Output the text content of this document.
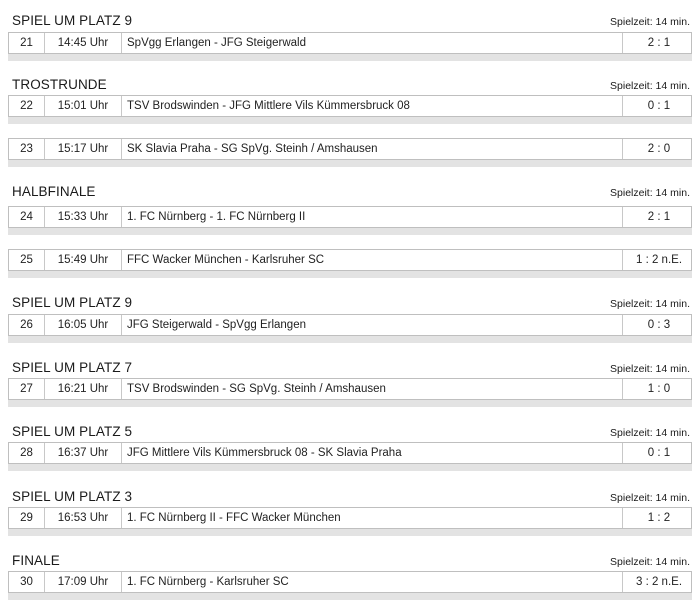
SPIEL UM PLATZ 9	Spielzeit: 14 min.
21	14:45 Uhr	SpVgg Erlangen - JFG Steigerwald	2 : 1
TROSTRUNDE	Spielzeit: 14 min.
22	15:01 Uhr	TSV Brodswinden - JFG Mittlere Vils Kümmersbruck 08	0 : 1
23	15:17 Uhr	SK Slavia Praha - SG SpVg. Steinh / Amshausen	2 : 0
HALBFINALE	Spielzeit: 14 min.
24	15:33 Uhr	1. FC Nürnberg - 1. FC Nürnberg II	2 : 1
25	15:49 Uhr	FFC Wacker München - Karlsruher SC	1 : 2 n.E.
SPIEL UM PLATZ 9	Spielzeit: 14 min.
26	16:05 Uhr	JFG Steigerwald - SpVgg Erlangen	0 : 3
SPIEL UM PLATZ 7	Spielzeit: 14 min.
27	16:21 Uhr	TSV Brodswinden - SG SpVg. Steinh / Amshausen	1 : 0
SPIEL UM PLATZ 5	Spielzeit: 14 min.
28	16:37 Uhr	JFG Mittlere Vils Kümmersbruck 08 - SK Slavia Praha	0 : 1
SPIEL UM PLATZ 3	Spielzeit: 14 min.
29	16:53 Uhr	1. FC Nürnberg II - FFC Wacker München	1 : 2
FINALE	Spielzeit: 14 min.
30	17:09 Uhr	1. FC Nürnberg - Karlsruher SC	3 : 2 n.E.
